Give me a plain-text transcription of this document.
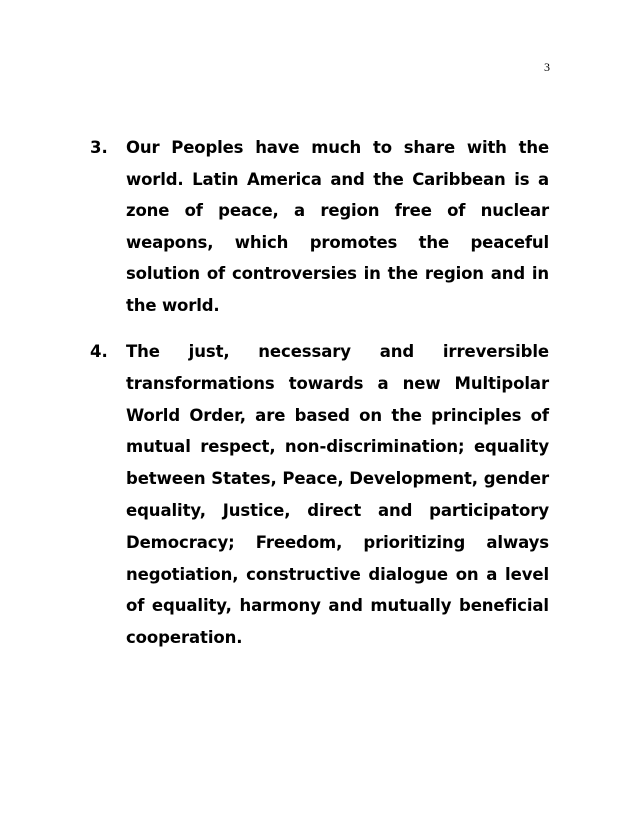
3
3.	Our Peoples have much to share with the world. Latin America and the Caribbean is a zone of peace, a region free of nuclear weapons, which promotes the peaceful solution of controversies in the region and in the world.
4.	The just, necessary and irreversible transformations towards a new Multipolar World Order, are based on the principles of mutual respect, non-discrimination; equality between States, Peace, Development, gender equality, Justice, direct and participatory Democracy; Freedom, prioritizing always negotiation, constructive dialogue on a level of equality, harmony and mutually beneficial cooperation.
